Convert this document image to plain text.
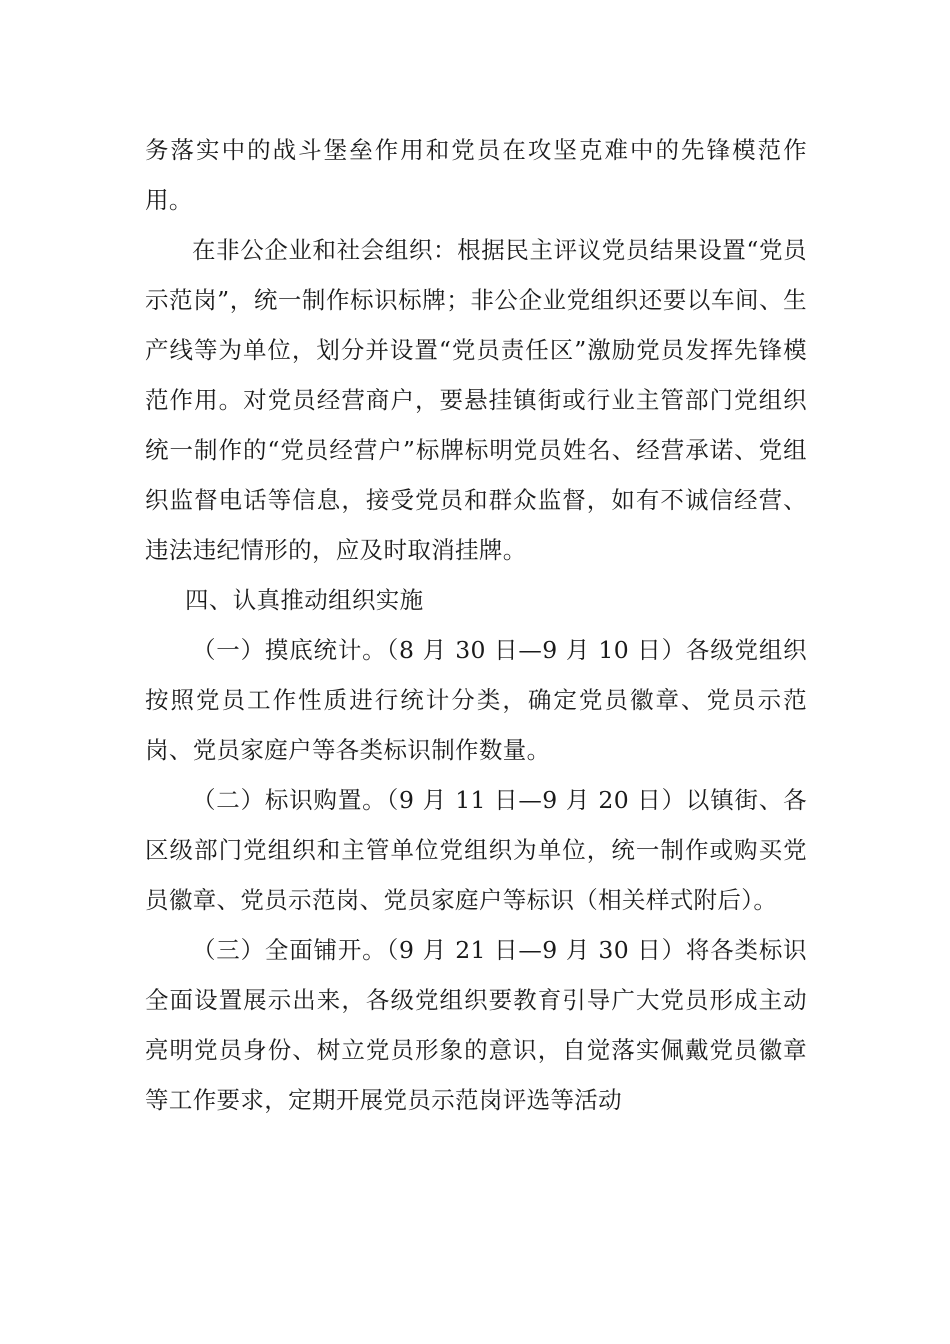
务落实中的战斗堡垒作用和党员在攻坚克难中的先锋模范作用。

在非公企业和社会组织：根据民主评议党员结果设置“党员示范岗”，统一制作标识标牌；非公企业党组织还要以车间、生产线等为单位，划分并设置“党员责任区”激励党员发挥先锋模范作用。对党员经营商户，要悬挂镇街或行业主管部门党组织统一制作的“党员经营户”标牌标明党员姓名、经营承诺、党组织监督电话等信息，接受党员和群众监督，如有不诚信经营、违法违纪情形的，应及时取消挂牌。

四、认真推动组织实施

（一）摸底统计。（8 月 30 日—9 月 10 日）各级党组织按照党员工作性质进行统计分类，确定党员徽章、党员示范岗、党员家庭户等各类标识制作数量。

（二）标识购置。（9 月 11 日—9 月 20 日）以镇街、各区级部门党组织和主管单位党组织为单位，统一制作或购买党员徽章、党员示范岗、党员家庭户等标识（相关样式附后）。

（三）全面铺开。（9 月 21 日—9 月 30 日）将各类标识全面设置展示出来，各级党组织要教育引导广大党员形成主动亮明党员身份、树立党员形象的意识，自觉落实佩戴党员徽章等工作要求，定期开展党员示范岗评选等活动
